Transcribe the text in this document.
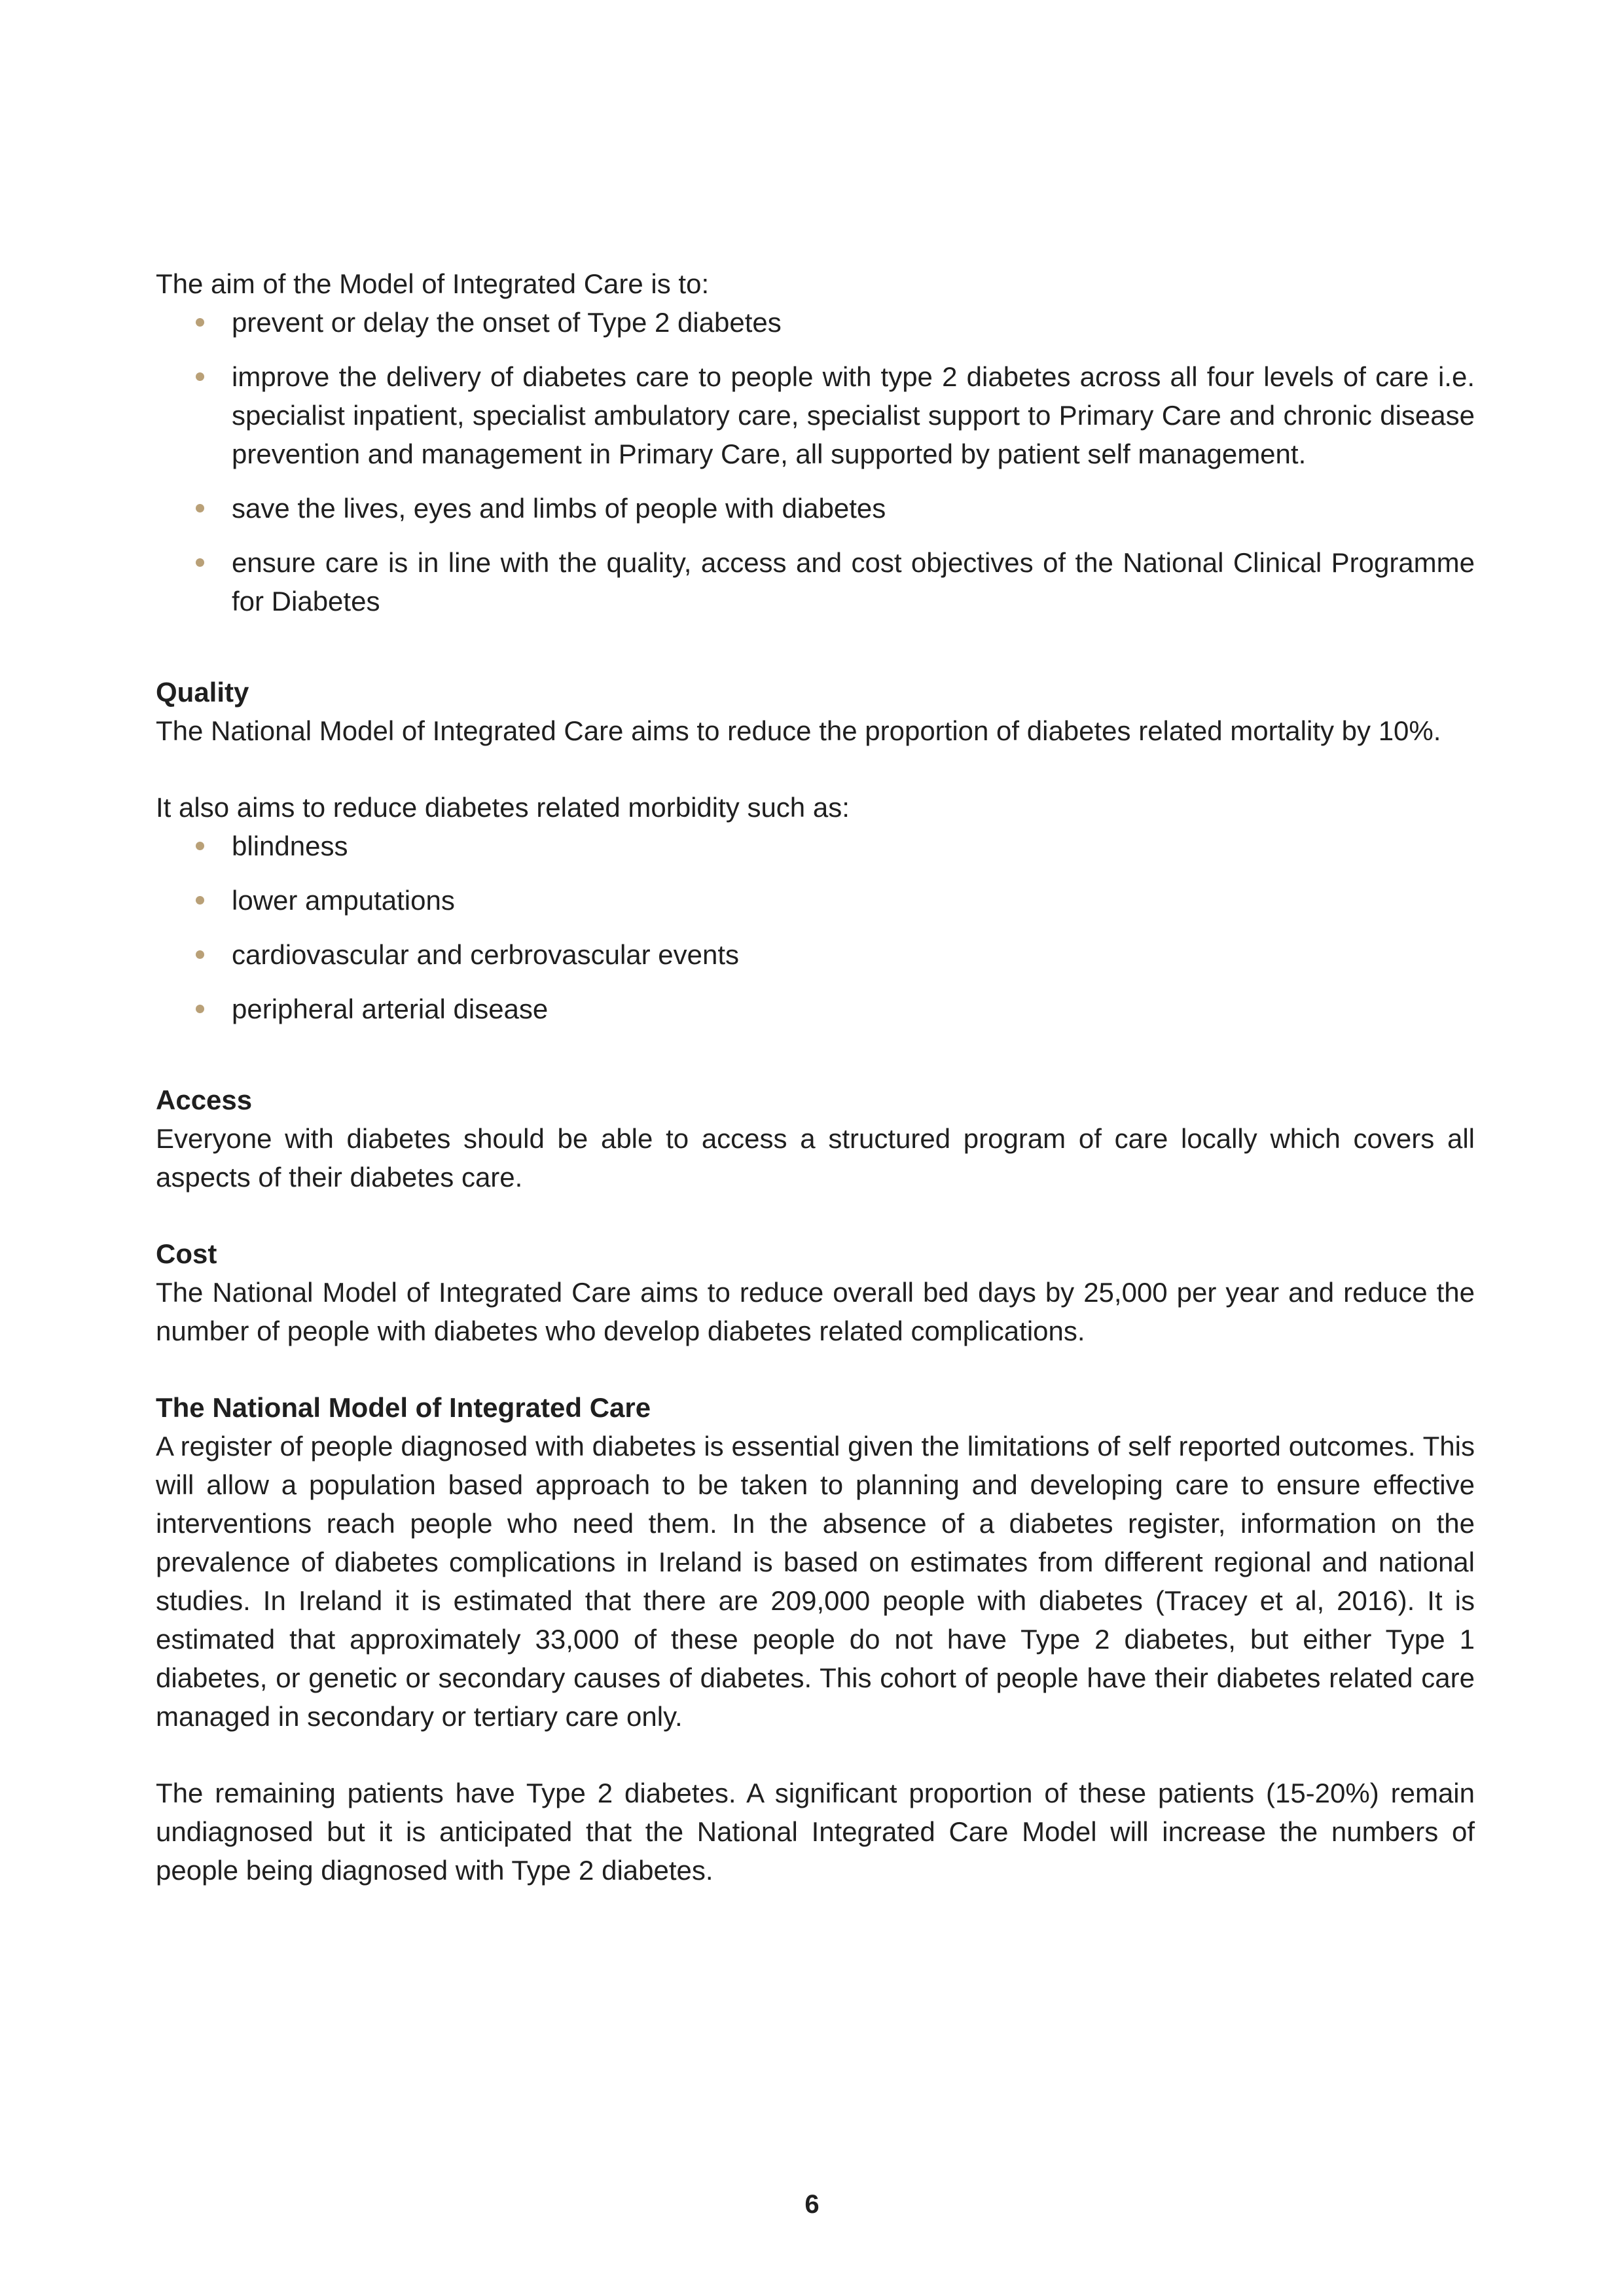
The aim of the Model of Integrated Care is to:

prevent or delay the onset of Type 2 diabetes
improve the delivery of diabetes care to people with type 2 diabetes across all four levels of care i.e. specialist inpatient, specialist ambulatory care, specialist support to Primary Care and chronic disease prevention and management in Primary Care, all supported by patient self management.
save the lives, eyes and limbs of people with diabetes
ensure care is in line with the quality, access and cost objectives of the National Clinical Programme for Diabetes

Quality

The National Model of Integrated Care aims to reduce the proportion of diabetes related mortality by 10%.

It also aims to reduce diabetes related morbidity such as:

blindness
lower amputations
cardiovascular and cerbrovascular events
peripheral arterial disease

Access

Everyone with diabetes should be able to access a structured program of care locally which covers all aspects of their diabetes care.

Cost

The National Model of Integrated Care aims to reduce overall bed days by 25,000 per year and reduce the number of people with diabetes who develop diabetes related complications.

The National Model of Integrated Care

A register of people diagnosed with diabetes is essential given the limitations of self reported outcomes. This will allow a population based approach to be taken to planning and developing care to ensure effective interventions reach people who need them. In the absence of a diabetes register, information on the prevalence of diabetes complications in Ireland is based on estimates from different regional and national studies. In Ireland it is estimated that there are 209,000 people with diabetes (Tracey et al, 2016). It is estimated that approximately 33,000 of these people do not have Type 2 diabetes, but either Type 1 diabetes, or genetic or secondary causes of diabetes. This cohort of people have their diabetes related care managed in secondary or tertiary care only.

The remaining patients have Type 2 diabetes. A significant proportion of these patients (15-20%) remain undiagnosed but it is anticipated that the National Integrated Care Model will increase the numbers of people being diagnosed with Type 2 diabetes.

6
